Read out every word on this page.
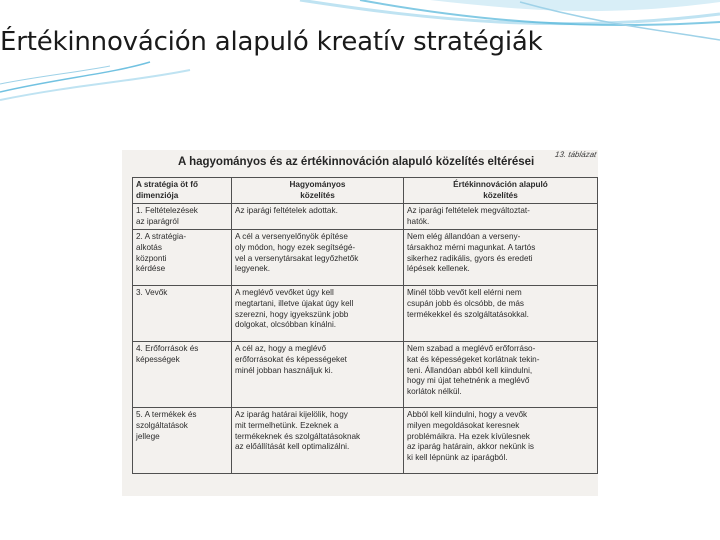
Értékinnováción alapuló kreatív stratégiák
13. táblázat
A hagyományos és az értékinnováción alapuló közelítés eltérései
A stratégia öt fő
dimenziója	Hagyományos
közelítés	Értékinnováción alapuló
közelítés
1. Feltételezések
az iparágról	Az iparági feltételek adottak.	Az iparági feltételek megváltoztat-
hatók.
2. A stratégia-
alkotás
központi
kérdése	A cél a versenyelőnyök építése
oly módon, hogy ezek segítségé-
vel a versenytársakat legyőzhetők
legyenek.	Nem elég állandóan a verseny-
társakhoz mérni magunkat. A tartós
sikerhez radikális, gyors és eredeti
lépések kellenek.
3. Vevők	A meglévő vevőket úgy kell
megtartani, illetve újakat úgy kell
szerezni, hogy igyekszünk jobb
dolgokat, olcsóbban kínálni.	Minél több vevőt kell elérni nem
csupán jobb és olcsóbb, de más
termékekkel és szolgáltatásokkal.
4. Erőforrások és
képességek	A cél az, hogy a meglévő
erőforrásokat és képességeket
minél jobban használjuk ki.	Nem szabad a meglévő erőforráso-
kat és képességeket korlátnak tekin-
teni. Állandóan abból kell kiindulni,
hogy mi újat tehetnénk a meglévő
korlátok nélkül.
5. A termékek és
szolgáltatások
jellege	Az iparág határai kijelölik, hogy
mit termelhetünk. Ezeknek a
termékeknek és szolgáltatásoknak
az előállítását kell optimalizálni.	Abból kell kiindulni, hogy a vevők
milyen megoldásokat keresnek
problémáikra. Ha ezek kívülesnek
az iparág határain, akkor nekünk is
ki kell lépnünk az iparágból.
